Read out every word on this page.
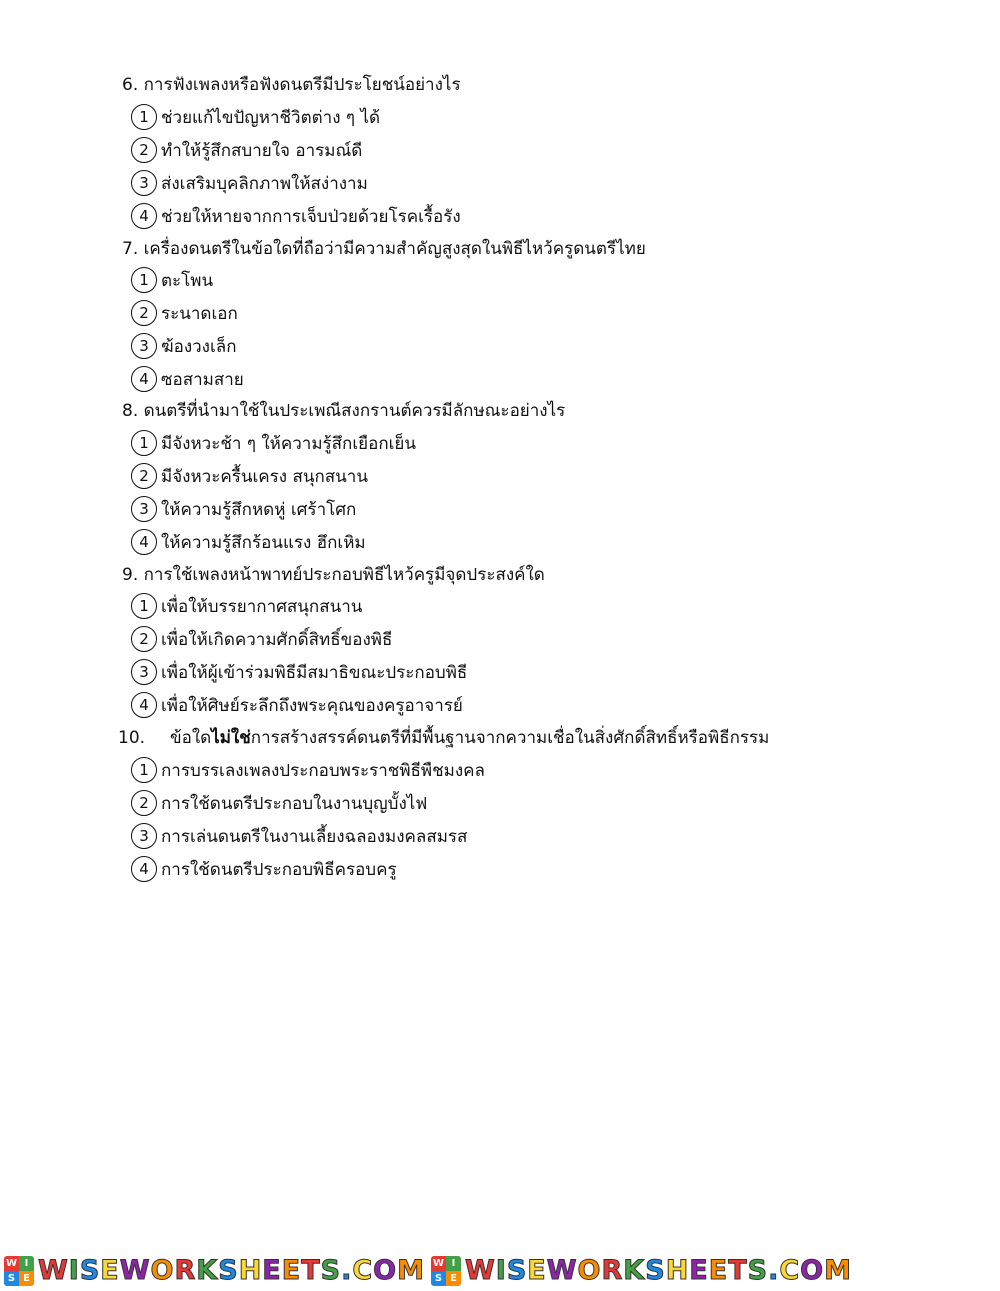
6. การฟังเพลงหรือฟังดนตรีมีประโยชน์อย่างไร
1 ช่วยแก้ไขปัญหาชีวิตต่าง ๆ ได้
2 ทำให้รู้สึกสบายใจ อารมณ์ดี
3 ส่งเสริมบุคลิกภาพให้สง่างาม
4 ช่วยให้หายจากการเจ็บป่วยด้วยโรคเรื้อรัง
7. เครื่องดนตรีในข้อใดที่ถือว่ามีความสำคัญสูงสุดในพิธีไหว้ครูดนตรีไทย
1 ตะโพน
2 ระนาดเอก
3 ฆ้องวงเล็ก
4 ซอสามสาย
8. ดนตรีที่นำมาใช้ในประเพณีสงกรานต์ควรมีลักษณะอย่างไร
1 มีจังหวะช้า ๆ ให้ความรู้สึกเยือกเย็น
2 มีจังหวะครื้นเครง สนุกสนาน
3 ให้ความรู้สึกหดหู่ เศร้าโศก
4 ให้ความรู้สึกร้อนแรง ฮึกเหิม
9. การใช้เพลงหน้าพาทย์ประกอบพิธีไหว้ครูมีจุดประสงค์ใด
1 เพื่อให้บรรยากาศสนุกสนาน
2 เพื่อให้เกิดความศักดิ์สิทธิ์ของพิธี
3 เพื่อให้ผู้เข้าร่วมพิธีมีสมาธิขณะประกอบพิธี
4 เพื่อให้ศิษย์ระลึกถึงพระคุณของครูอาจารย์
10. ข้อใดไม่ใช่การสร้างสรรค์ดนตรีที่มีพื้นฐานจากความเชื่อในสิ่งศักดิ์สิทธิ์หรือพิธีกรรม
1 การบรรเลงเพลงประกอบพระราชพิธีพืชมงคล
2 การใช้ดนตรีประกอบในงานบุญบั้งไฟ
3 การเล่นดนตรีในงานเลี้ยงฉลองมงคลสมรส
4 การใช้ดนตรีประกอบพิธีครอบครู
W I
S E WISEWORKSHEETS.COM W I
S E WISEWORKSHEETS.COM
